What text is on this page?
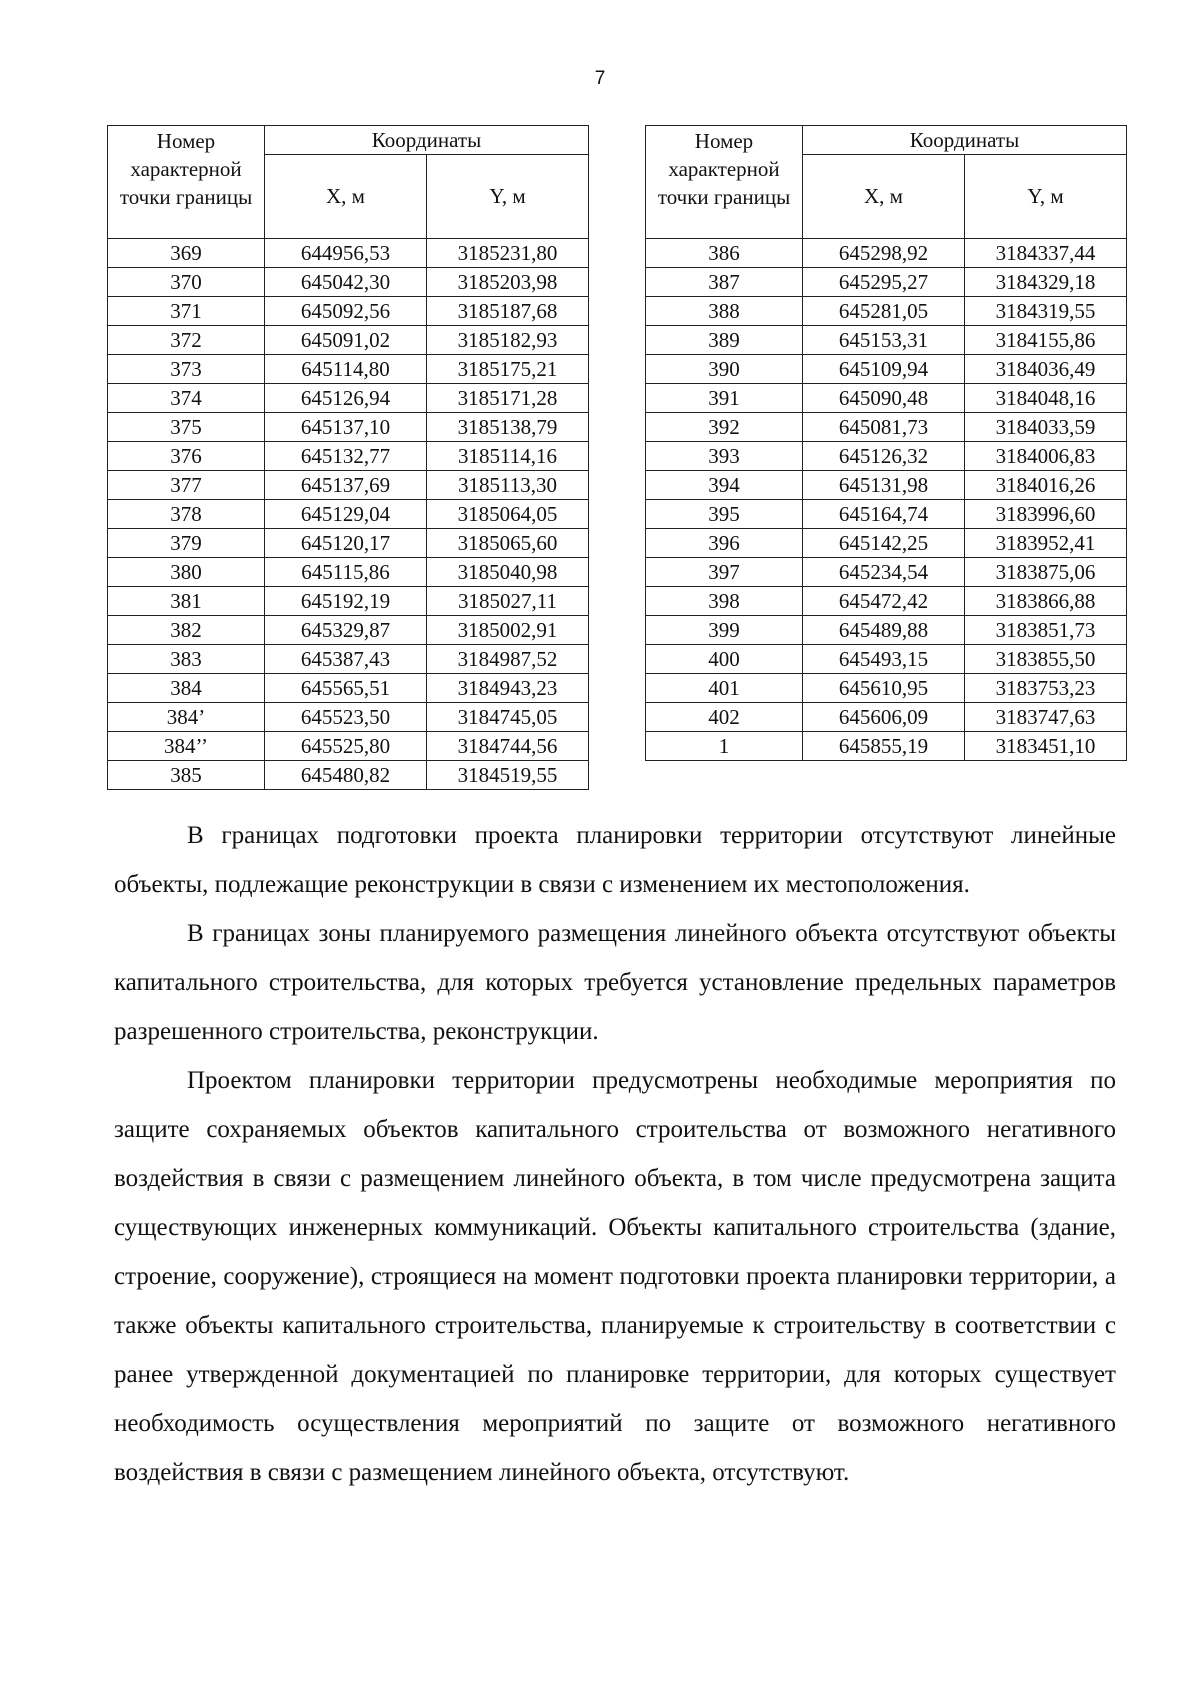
7
Номер характерной точки границы	Координаты	
	X, м	Y, м
369	644956,53	3185231,80
370	645042,30	3185203,98
371	645092,56	3185187,68
372	645091,02	3185182,93
373	645114,80	3185175,21
374	645126,94	3185171,28
375	645137,10	3185138,79
376	645132,77	3185114,16
377	645137,69	3185113,30
378	645129,04	3185064,05
379	645120,17	3185065,60
380	645115,86	3185040,98
381	645192,19	3185027,11
382	645329,87	3185002,91
383	645387,43	3184987,52
384	645565,51	3184943,23
384’	645523,50	3184745,05
384’’	645525,80	3184744,56
385	645480,82	3184519,55
Номер характерной точки границы	Координаты	
	X, м	Y, м
386	645298,92	3184337,44
387	645295,27	3184329,18
388	645281,05	3184319,55
389	645153,31	3184155,86
390	645109,94	3184036,49
391	645090,48	3184048,16
392	645081,73	3184033,59
393	645126,32	3184006,83
394	645131,98	3184016,26
395	645164,74	3183996,60
396	645142,25	3183952,41
397	645234,54	3183875,06
398	645472,42	3183866,88
399	645489,88	3183851,73
400	645493,15	3183855,50
401	645610,95	3183753,23
402	645606,09	3183747,63
1	645855,19	3183451,10

В границах подготовки проекта планировки территории отсутствуют линейные объекты, подлежащие реконструкции в связи с изменением их местоположения.

В границах зоны планируемого размещения линейного объекта отсутствуют объекты капитального строительства, для которых требуется установление предельных параметров разрешенного строительства, реконструкции.

Проектом планировки территории предусмотрены необходимые мероприятия по защите сохраняемых объектов капитального строительства от возможного негативного воздействия в связи с размещением линейного объекта, в том числе предусмотрена защита существующих инженерных коммуникаций. Объекты капитального строительства (здание, строение, сооружение), строящиеся на момент подготовки проекта планировки территории, а также объекты капитального строительства, планируемые к строительству в соответствии с ранее утвержденной документацией по планировке территории, для которых существует необходимость осуществления мероприятий по защите от возможного негативного воздействия в связи с размещением линейного объекта, отсутствуют.
